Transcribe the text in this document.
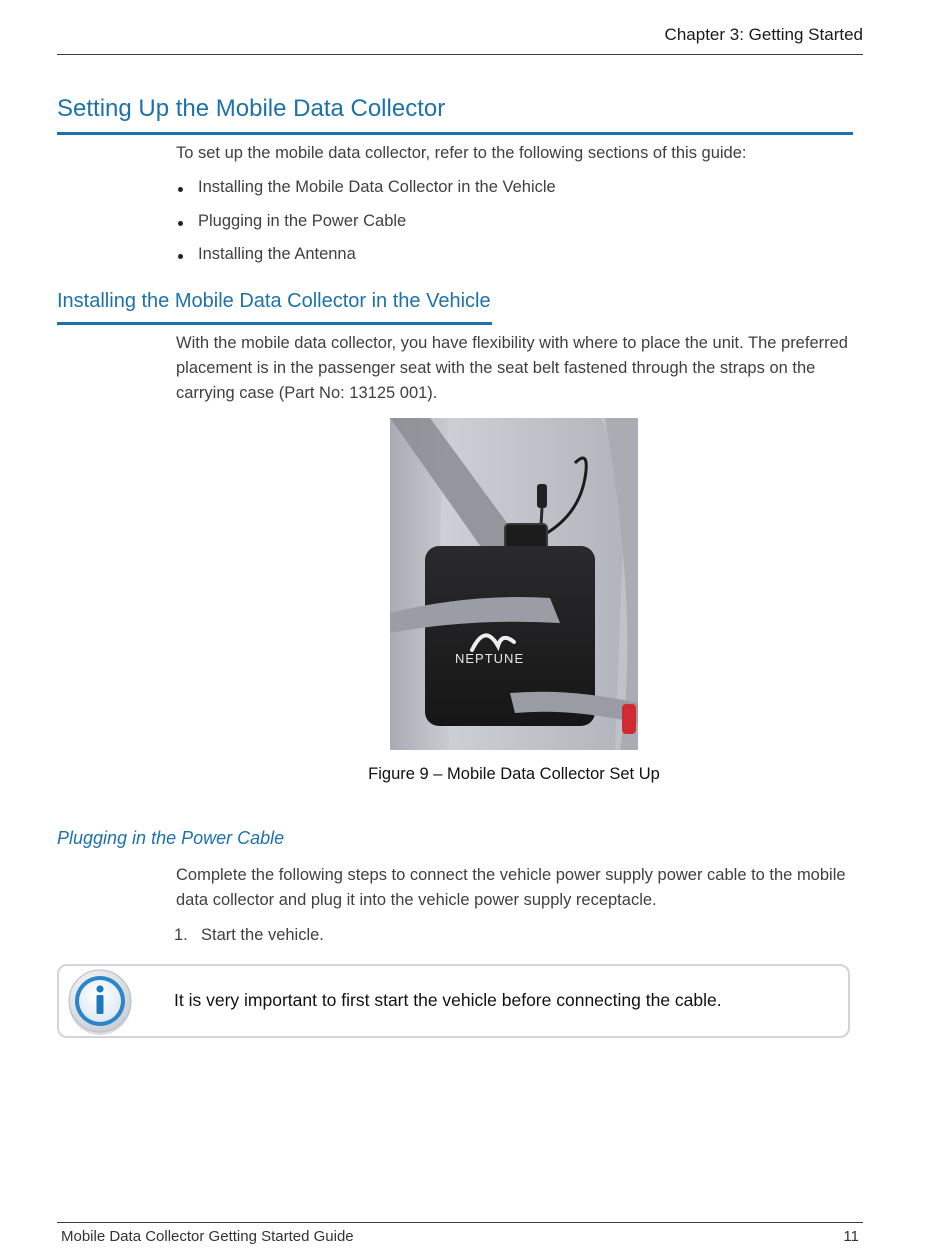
Chapter 3: Getting Started
Setting Up the Mobile Data Collector
To set up the mobile data collector, refer to the following sections of this guide:
Installing the Mobile Data Collector in the Vehicle
Plugging in the Power Cable
Installing the Antenna
Installing the Mobile Data Collector in the Vehicle
With the mobile data collector, you have flexibility with where to place the unit. The preferred placement is in the passenger seat with the seat belt fastened through the straps on the carrying case (Part No: 13125 001).
NEPTUNE
Figure 9 – Mobile Data Collector Set Up
Plugging in the Power Cable
Complete the following steps to connect the vehicle power supply power cable to the mobile data collector and plug it into the vehicle power supply receptacle.
1. Start the vehicle.
It is very important to first start the vehicle before connecting the cable.
Mobile Data Collector Getting Started Guide	11
